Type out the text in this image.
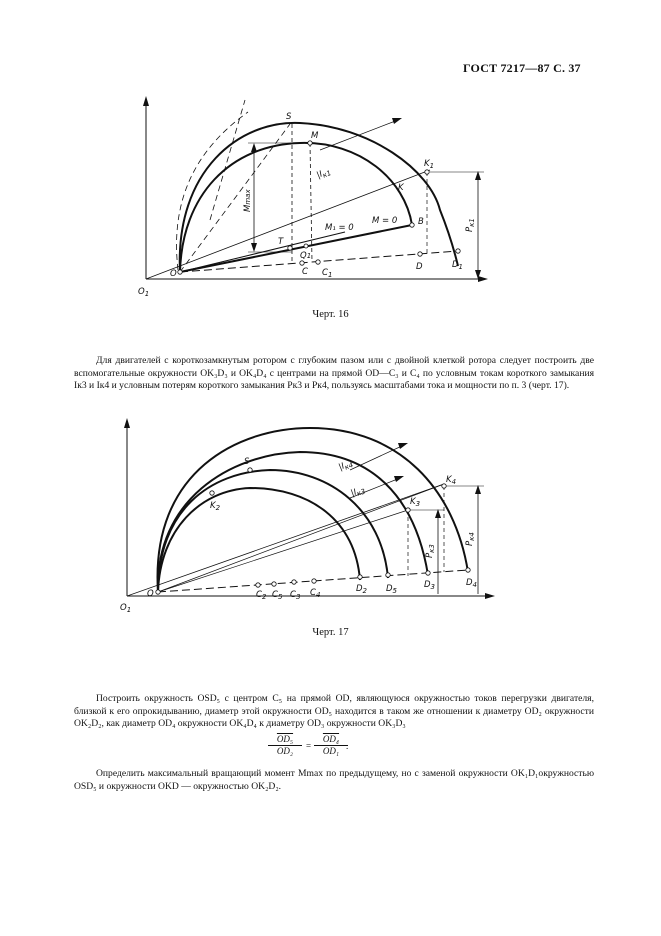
ГОСТ 7217—87 С. 37
S
M
$K_1$
K
B
M₁ = 0
M = 0
T
Q1
O
$O_1$
C $C_1$
D	$D_1$
Mmax
$|I_{к1}$
$P_{к1}$
Черт. 16
Для двигателей с короткозамкнутым ротором с глубоким пазом или с двойной клеткой ротора следует построить две вспомогательные окружности OK₃D₃ и OK₄D₄ с центрами на прямой OD—C₃ и C₄ по условным токам короткого замыкания Iк3 и Iк4 и условным потерям короткого замыкания Pк3 и Pк4, пользуясь масштабами тока и мощности по п. 3 (черт. 17).
S
$K_2$
$K_3$
$K_4$
O
$O_1$
$C_2$ $C_5$ $C_3$ $C_4$
$D_2$ $D_5$
$D_3$	$D_4$
$|I_{к4}$
$|I_{к3}$
$P_{к3}$
$P_{к4}$
Черт. 17
Построить окружность OSD₅ с центром C₅ на прямой OD, являющуюся окружностью токов перегрузки двигателя, близкой к его опрокидыванию, диаметр этой окружности OD₅ находится в таком же отношении к диаметру OD₂ окружности OK₂D₂, как диаметр OD₄ окружности OK₄D₄ к диаметру OD₃ окружности OK₃D₃
$\frac{\text{OD₅}}{\text{OD₂}} = \frac{\text{OD₄}}{\text{OD₁}}$
.
Определить максимальный вращающий момент Mmax по предыдущему, но с заменой окружности OK₁D₁окружностью OSD₅ и окружности OKD — окружностью OK₂D₂.
